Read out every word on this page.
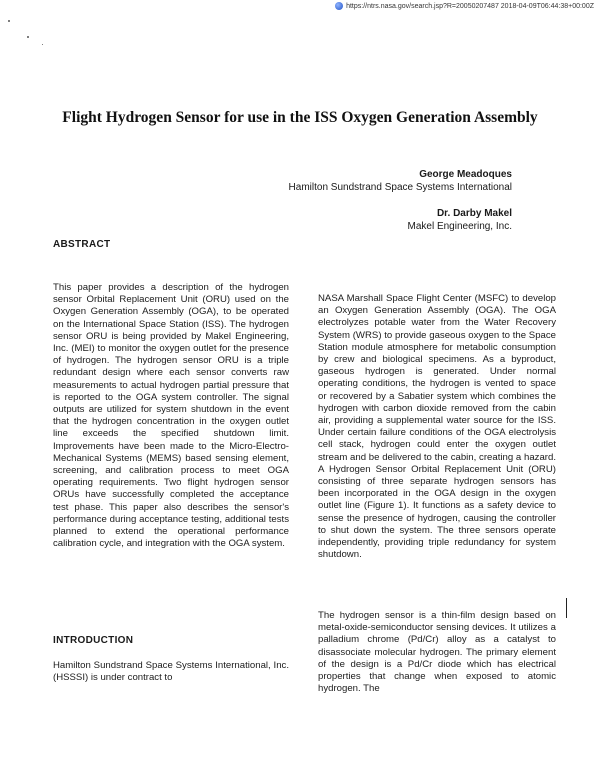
https://ntrs.nasa.gov/search.jsp?R=20050207487 2018-04-09T06:44:38+00:00Z
Flight Hydrogen Sensor for use in the ISS Oxygen Generation Assembly
George Meadoques
Hamilton Sundstrand Space Systems International
Dr. Darby Makel
Makel Engineering, Inc.
ABSTRACT

This paper provides a description of the hydrogen sensor Orbital Replacement Unit (ORU) used on the Oxygen Generation Assembly (OGA), to be operated on the International Space Station (ISS). The hydrogen sensor ORU is being provided by Makel Engineering, Inc. (MEI) to monitor the oxygen outlet for the presence of hydrogen. The hydrogen sensor ORU is a triple redundant design where each sensor converts raw measurements to actual hydrogen partial pressure that is reported to the OGA system controller. The signal outputs are utilized for system shutdown in the event that the hydrogen concentration in the oxygen outlet line exceeds the specified shutdown limit. Improvements have been made to the Micro-Electro-Mechanical Systems (MEMS) based sensing element, screening, and calibration process to meet OGA operating requirements. Two flight hydrogen sensor ORUs have successfully completed the acceptance test phase. This paper also describes the sensor's performance during acceptance testing, additional tests planned to extend the operational performance calibration cycle, and integration with the OGA system.

INTRODUCTION

Hamilton Sundstrand Space Systems International, Inc. (HSSSI) is under contract to

NASA Marshall Space Flight Center (MSFC) to develop an Oxygen Generation Assembly (OGA). The OGA electrolyzes potable water from the Water Recovery System (WRS) to provide gaseous oxygen to the Space Station module atmosphere for metabolic consumption by crew and biological specimens. As a byproduct, gaseous hydrogen is generated. Under normal operating conditions, the hydrogen is vented to space or recovered by a Sabatier system which combines the hydrogen with carbon dioxide removed from the cabin air, providing a supplemental water source for the ISS. Under certain failure conditions of the OGA electrolysis cell stack, hydrogen could enter the oxygen outlet stream and be delivered to the cabin, creating a hazard. A Hydrogen Sensor Orbital Replacement Unit (ORU) consisting of three separate hydrogen sensors has been incorporated in the OGA design in the oxygen outlet line (Figure 1). It functions as a safety device to sense the presence of hydrogen, causing the controller to shut down the system. The three sensors operate independently, providing triple redundancy for system shutdown.

The hydrogen sensor is a thin-film design based on metal-oxide-semiconductor sensing devices. It utilizes a palladium chrome (Pd/Cr) alloy as a catalyst to disassociate molecular hydrogen. The primary element of the design is a Pd/Cr diode which has electrical properties that change when exposed to atomic hydrogen. The
